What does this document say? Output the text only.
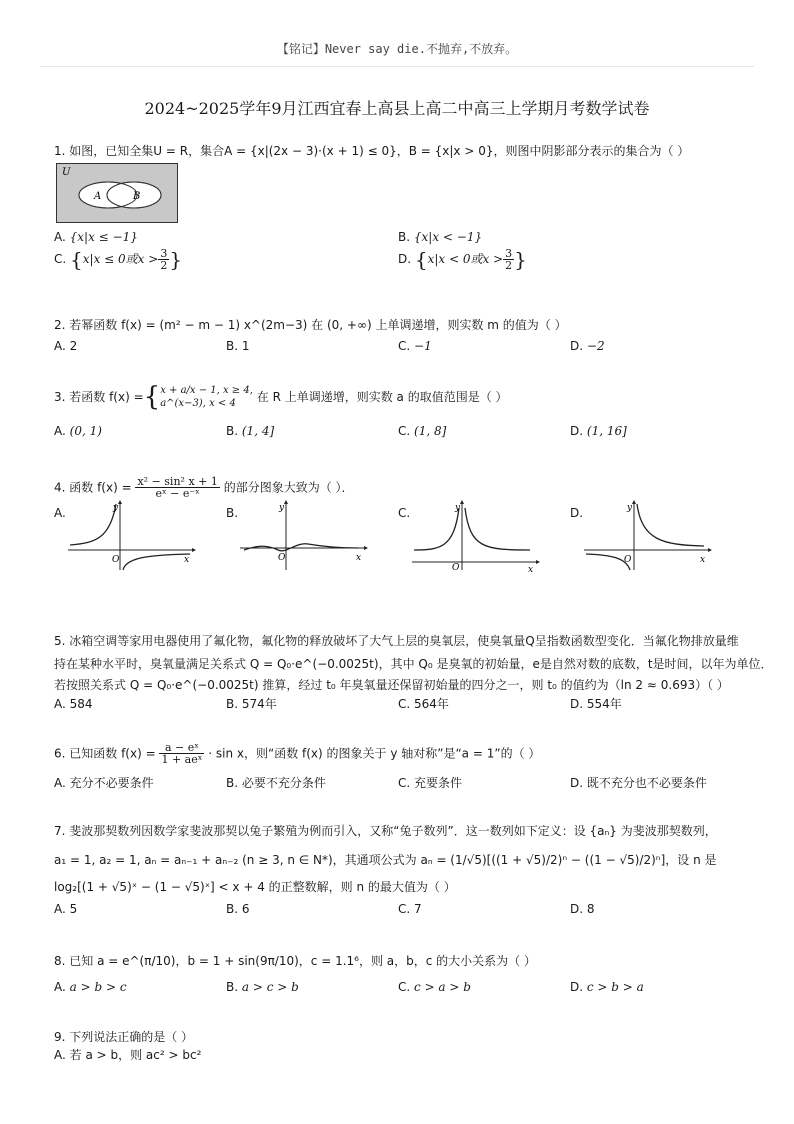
【铭记】Never say die.不抛弃,不放弃。
2024~2025学年9月江西宜春上高县上高二中高三上学期月考数学试卷
1. 如图，已知全集U = R，集合A = {x|(2x − 3)·(x + 1) ≤ 0}，B = {x|x > 0}，则图中阴影部分表示的集合为（ ）
U
A	B
A. {x|x ≤ −1}	B. {x|x < −1}
C. {x|x ≤ 0或$x > \frac{3}{2}$ }	D. {x|x < 0或$x > \frac{3}{2}$ }
2. 若幂函数 f(x) = (m² − m − 1) x^(2m−3) 在 (0, +∞) 上单调递增，则实数 m 的值为（ ）
A. 2	B. 1	C. −1	D. −2
3. 若函数 f(x) ={ x + a/x − 1, x ≥ 4,
a^(x−3), x < 4	在 R 上单调递增，则实数 a 的取值范围是（ ）
A. (0, 1)	B. (1, 4]	C. (1, 8]	D. (1, 16]
4. 函数 $f(x) = \frac{\text{x² − sin² x + 1}}{\text{eˣ − e⁻ˣ}}$ 的部分图象大致为（ ）．
A.	B.	C.	D.
O	x
y
O	x
y
O	x
y
O	x
y
5. 冰箱空调等家用电器使用了氟化物，氟化物的释放破坏了大气上层的臭氧层，使臭氧量Q呈指数函数型变化．当氟化物排放量维
持在某种水平时，臭氧量满足关系式 Q = Q₀·e^(−0.0025t)，其中 Q₀ 是臭氧的初始量，e是自然对数的底数，t是时间，以年为单位．
若按照关系式 Q = Q₀·e^(−0.0025t) 推算，经过 t₀ 年臭氧量还保留初始量的四分之一，则 t₀ 的值约为（ln 2 ≈ 0.693）（ ）
A. 584	B. 574年	C. 564年	D. 554年
6. 已知函数 $f(x) = \frac{\text{a − eˣ}}{\text{1 + aeˣ}} \cdot \sin x$，则“函数 f(x) 的图象关于 y 轴对称”是“a = 1”的（ ）
A. 充分不必要条件	B. 必要不充分条件	C. 充要条件	D. 既不充分也不必要条件
7. 斐波那契数列因数学家斐波那契以兔子繁殖为例而引入，又称“兔子数列”．这一数列如下定义：设 {aₙ} 为斐波那契数列，
a₁ = 1, a₂ = 1, aₙ = aₙ₋₁ + aₙ₋₂ (n ≥ 3, n ∈ N*)，其通项公式为 aₙ = (1/√5)[((1 + √5)/2)ⁿ − ((1 − √5)/2)ⁿ]，设 n 是
log₂[(1 + √5)ˣ − (1 − √5)ˣ] < x + 4 的正整数解，则 n 的最大值为（ ）
A. 5	B. 6	C. 7	D. 8
8. 已知 a = e^(π/10)，b = 1 + sin(9π/10)，c = 1.1⁶，则 a，b，c 的大小关系为（ ）
A. a > b > c	B. a > c > b	C. c > a > b	D. c > b > a
9. 下列说法正确的是（ ）
A. 若 a > b，则 ac² > bc²
